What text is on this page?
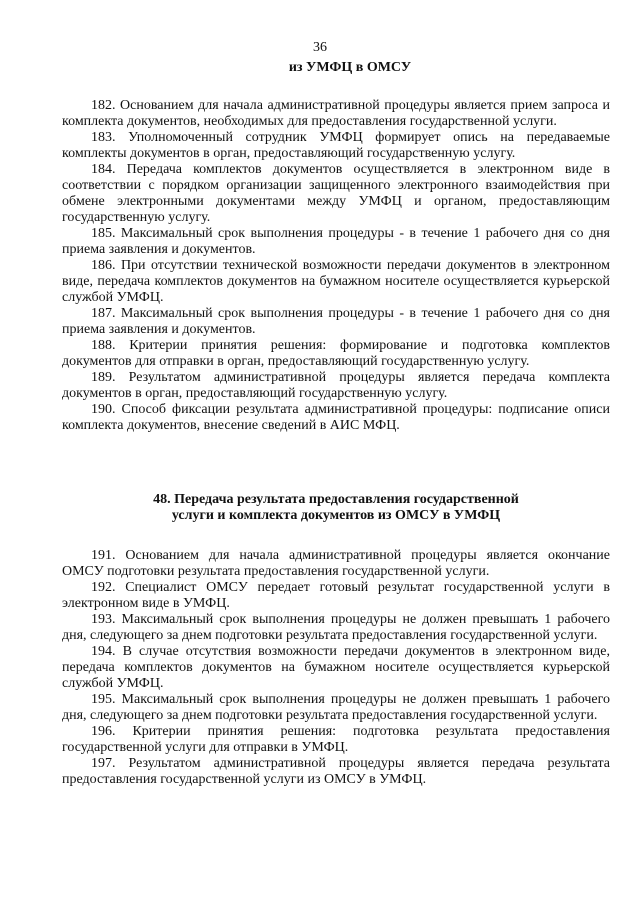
36
из УМФЦ в ОМСУ

182. Основанием для начала административной процедуры является прием запроса и комплекта документов, необходимых для предоставления государственной услуги.

183. Уполномоченный сотрудник УМФЦ формирует опись на передаваемые комплекты документов в орган, предоставляющий государственную услугу.

184. Передача комплектов документов осуществляется в электронном виде в соответствии с порядком организации защищенного электронного взаимодействия при обмене электронными документами между УМФЦ и органом, предоставляющим государственную услугу.

185. Максимальный срок выполнения процедуры - в течение 1 рабочего дня со дня приема заявления и документов.

186. При отсутствии технической возможности передачи документов в электронном виде, передача комплектов документов на бумажном носителе осуществляется курьерской службой УМФЦ.

187. Максимальный срок выполнения процедуры - в течение 1 рабочего дня со дня приема заявления и документов.

188. Критерии принятия решения: формирование и подготовка комплектов документов для отправки в орган, предоставляющий государственную услугу.

189. Результатом административной процедуры является передача комплекта документов в орган, предоставляющий государственную услугу.

190. Способ фиксации результата административной процедуры: подписание описи комплекта документов, внесение сведений в АИС МФЦ.

48. Передача результата предоставления государственной
услуги и комплекта документов из ОМСУ в УМФЦ

191. Основанием для начала административной процедуры является окончание ОМСУ подготовки результата предоставления государственной услуги.

192. Специалист ОМСУ передает готовый результат государственной услуги в электронном виде в УМФЦ.

193. Максимальный срок выполнения процедуры не должен превышать 1 рабочего дня, следующего за днем подготовки результата предоставления государственной услуги.

194. В случае отсутствия возможности передачи документов в электронном виде, передача комплектов документов на бумажном носителе осуществляется курьерской службой УМФЦ.

195. Максимальный срок выполнения процедуры не должен превышать 1 рабочего дня, следующего за днем подготовки результата предоставления государственной услуги.

196. Критерии принятия решения: подготовка результата предоставления государственной услуги для отправки в УМФЦ.

197. Результатом административной процедуры является передача результата предоставления государственной услуги из ОМСУ в УМФЦ.
